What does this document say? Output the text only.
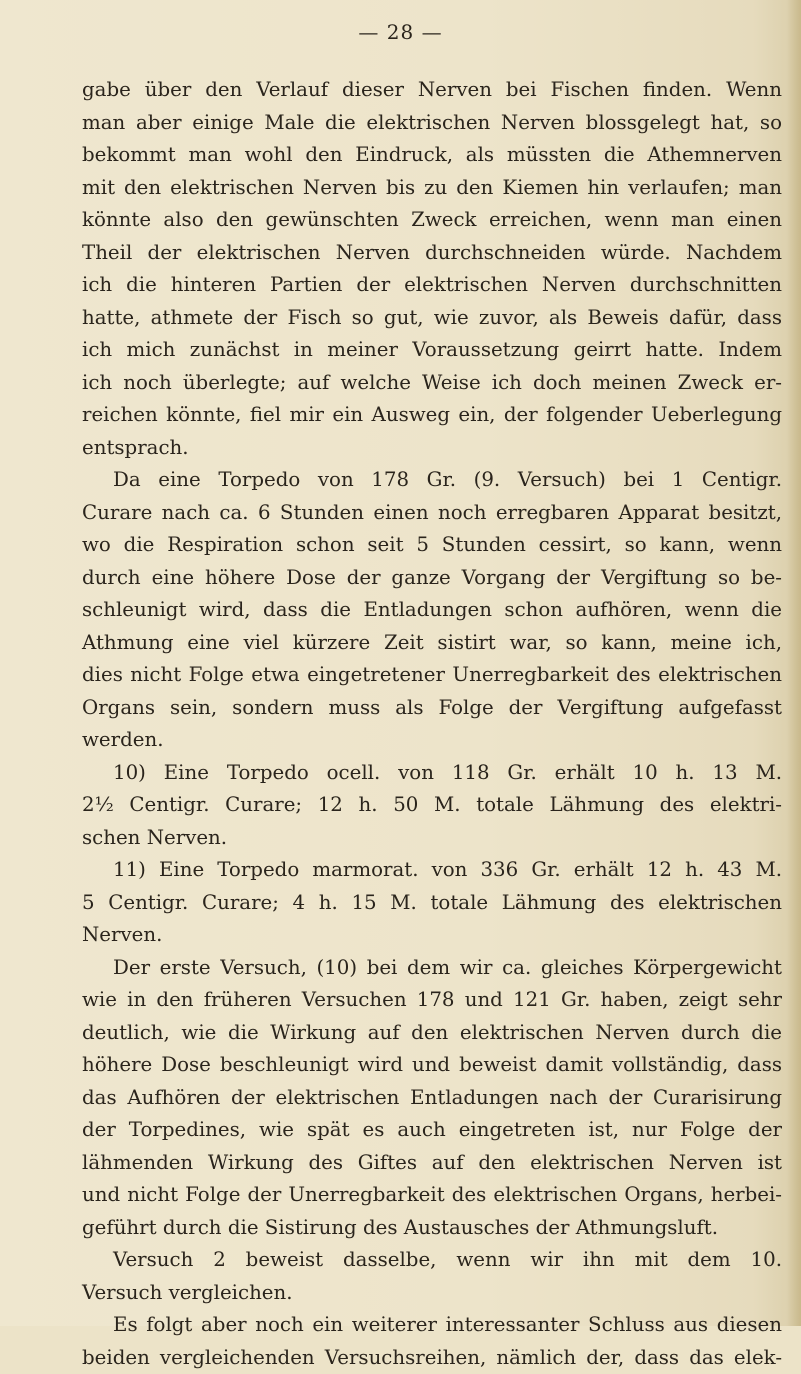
— 28 —
gabe über den Verlauf dieser Nerven bei Fischen finden. Wenn
man aber einige Male die elektrischen Nerven blossgelegt hat, so
bekommt man wohl den Eindruck, als müssten die Athemnerven
mit den elektrischen Nerven bis zu den Kiemen hin verlaufen; man
könnte also den gewünschten Zweck erreichen, wenn man einen
Theil der elektrischen Nerven durchschneiden würde. Nachdem
ich die hinteren Partien der elektrischen Nerven durchschnitten
hatte, athmete der Fisch so gut, wie zuvor, als Beweis dafür, dass
ich mich zunächst in meiner Voraussetzung geirrt hatte. Indem
ich noch überlegte; auf welche Weise ich doch meinen Zweck er-
reichen könnte, fiel mir ein Ausweg ein, der folgender Ueberlegung
entsprach.
Da eine Torpedo von 178 Gr. (9. Versuch) bei 1 Centigr.
Curare nach ca. 6 Stunden einen noch erregbaren Apparat besitzt,
wo die Respiration schon seit 5 Stunden cessirt, so kann, wenn
durch eine höhere Dose der ganze Vorgang der Vergiftung so be-
schleunigt wird, dass die Entladungen schon aufhören, wenn die
Athmung eine viel kürzere Zeit sistirt war, so kann, meine ich,
dies nicht Folge etwa eingetretener Unerregbarkeit des elektrischen
Organs sein, sondern muss als Folge der Vergiftung aufgefasst
werden.
10) Eine Torpedo ocell. von 118 Gr. erhält 10 h. 13 M.
2½ Centigr. Curare; 12 h. 50 M. totale Lähmung des elektri-
schen Nerven.
11) Eine Torpedo marmorat. von 336 Gr. erhält 12 h. 43 M.
5 Centigr. Curare; 4 h. 15 M. totale Lähmung des elektrischen
Nerven.
Der erste Versuch, (10) bei dem wir ca. gleiches Körpergewicht
wie in den früheren Versuchen 178 und 121 Gr. haben, zeigt sehr
deutlich, wie die Wirkung auf den elektrischen Nerven durch die
höhere Dose beschleunigt wird und beweist damit vollständig, dass
das Aufhören der elektrischen Entladungen nach der Curarisirung
der Torpedines, wie spät es auch eingetreten ist, nur Folge der
lähmenden Wirkung des Giftes auf den elektrischen Nerven ist
und nicht Folge der Unerregbarkeit des elektrischen Organs, herbei-
geführt durch die Sistirung des Austausches der Athmungsluft.
Versuch 2 beweist dasselbe, wenn wir ihn mit dem 10.
Versuch vergleichen.
Es folgt aber noch ein weiterer interessanter Schluss aus diesen
beiden vergleichenden Versuchsreihen, nämlich der, dass das elek-
